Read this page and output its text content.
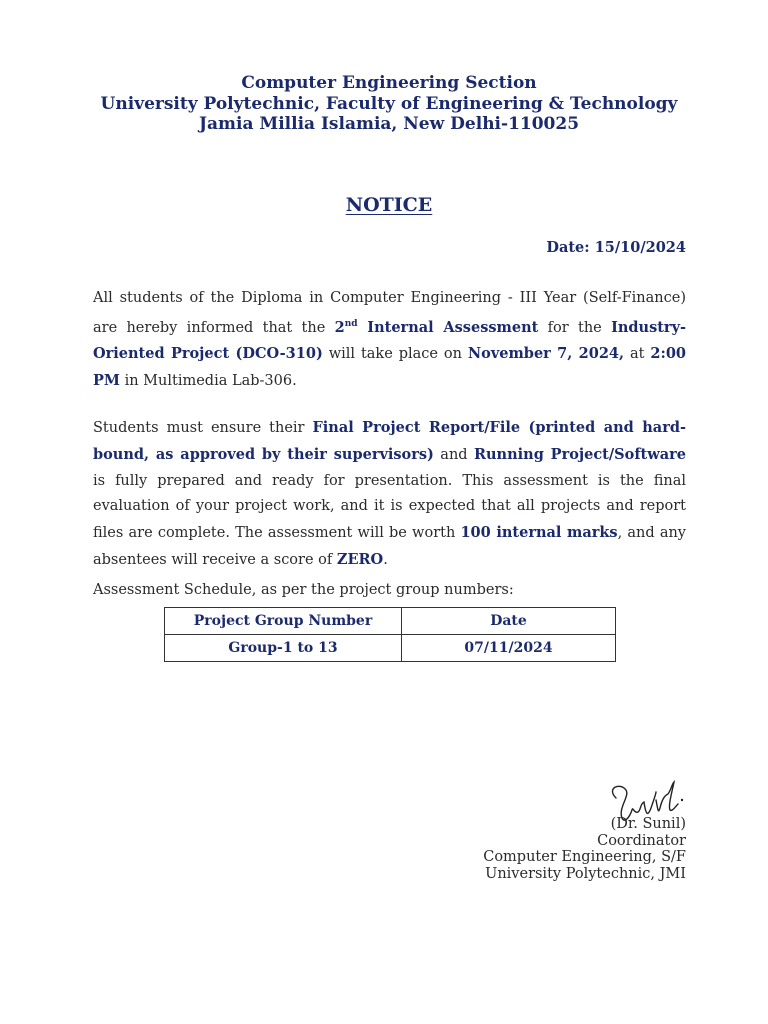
Computer Engineering Section
University Polytechnic, Faculty of Engineering & Technology
Jamia Millia Islamia, New Delhi-110025
NOTICE
Date: 15/10/2024
All students of the Diploma in Computer Engineering - III Year (Self-Finance) are hereby informed that the 2nd Internal Assessment for the Industry-Oriented Project (DCO-310) will take place on November 7, 2024, at 2:00 PM in Multimedia Lab-306.
Students must ensure their Final Project Report/File (printed and hard-bound, as approved by their supervisors) and Running Project/Software is fully prepared and ready for presentation. This assessment is the final evaluation of your project work, and it is expected that all projects and report files are complete. The assessment will be worth 100 internal marks, and any absentees will receive a score of ZERO.
Assessment Schedule, as per the project group numbers:
Project Group Number	Date
Group-1 to 13	07/11/2024
(Dr. Sunil)
Coordinator
Computer Engineering, S/F
University Polytechnic, JMI
